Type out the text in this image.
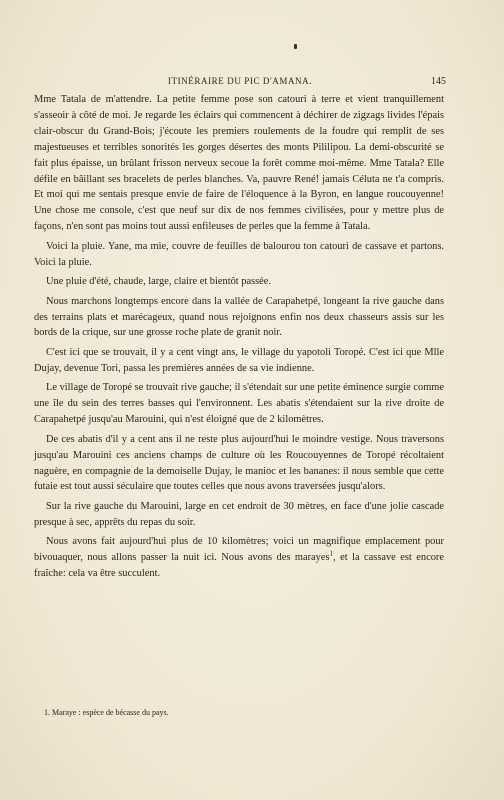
ITINÉRAIRE DU PIC D'AMANA.	145

Mme Tatala de m'attendre. La petite femme pose son catouri à terre et vient tranquillement s'asseoir à côté de moi. Je regarde les éclairs qui commencent à déchirer de zigzags livides l'épais clair-obscur du Grand-Bois; j'écoute les premiers roulements de la foudre qui remplit de ses majestueuses et terribles sonorités les gorges désertes des monts Pililipou. La demi-obscurité se fait plus épaisse, un brûlant frisson nerveux secoue la forêt comme moi-même. Mme Tatala? Elle défile en bâillant ses bracelets de perles blanches. Va, pauvre René! jamais Céluta ne t'a compris. Et moi qui me sentais presque envie de faire de l'éloquence à la Byron, en langue roucouyenne! Une chose me console, c'est que neuf sur dix de nos femmes civilisées, pour y mettre plus de façons, n'en sont pas moins tout aussi enfileuses de perles que la femme à Tatala.

Voici la pluie. Yane, ma mie, couvre de feuilles de balourou ton catouri de cassave et partons. Voici la pluie.

Une pluie d'été, chaude, large, claire et bientôt passée.

Nous marchons longtemps encore dans la vallée de Carapahetpé, longeant la rive gauche dans des terrains plats et marécageux, quand nous rejoignons enfin nos deux chasseurs assis sur les bords de la crique, sur une grosse roche plate de granit noir.

C'est ici que se trouvait, il y a cent vingt ans, le village du yapotoli Toropé. C'est ici que Mlle Dujay, devenue Tori, passa les premières années de sa vie indienne.

Le village de Toropé se trouvait rive gauche; il s'étendait sur une petite éminence surgie comme une île du sein des terres basses qui l'environnent. Les abatis s'étendaient sur la rive droite de Carapahetpé jusqu'au Marouini, qui n'est éloigné que de 2 kilomètres.

De ces abatis d'il y a cent ans il ne reste plus aujourd'hui le moindre vestige. Nous traversons jusqu'au Marouini ces anciens champs de culture où les Roucouyennes de Toropé récoltaient naguère, en compagnie de la demoiselle Dujay, le manioc et les bananes: il nous semble que cette futaie est tout aussi séculaire que toutes celles que nous avons traversées jusqu'alors.

Sur la rive gauche du Marouini, large en cet endroit de 30 mètres, en face d'une jolie cascade presque à sec, apprêts du repas du soir.

Nous avons fait aujourd'hui plus de 10 kilomètres; voici un magnifique emplacement pour bivouaquer, nous allons passer la nuit ici. Nous avons des marayes$^1$, et la cassave est encore fraîche: cela va être succulent.

1. Maraye : espèce de bécasse du pays.
